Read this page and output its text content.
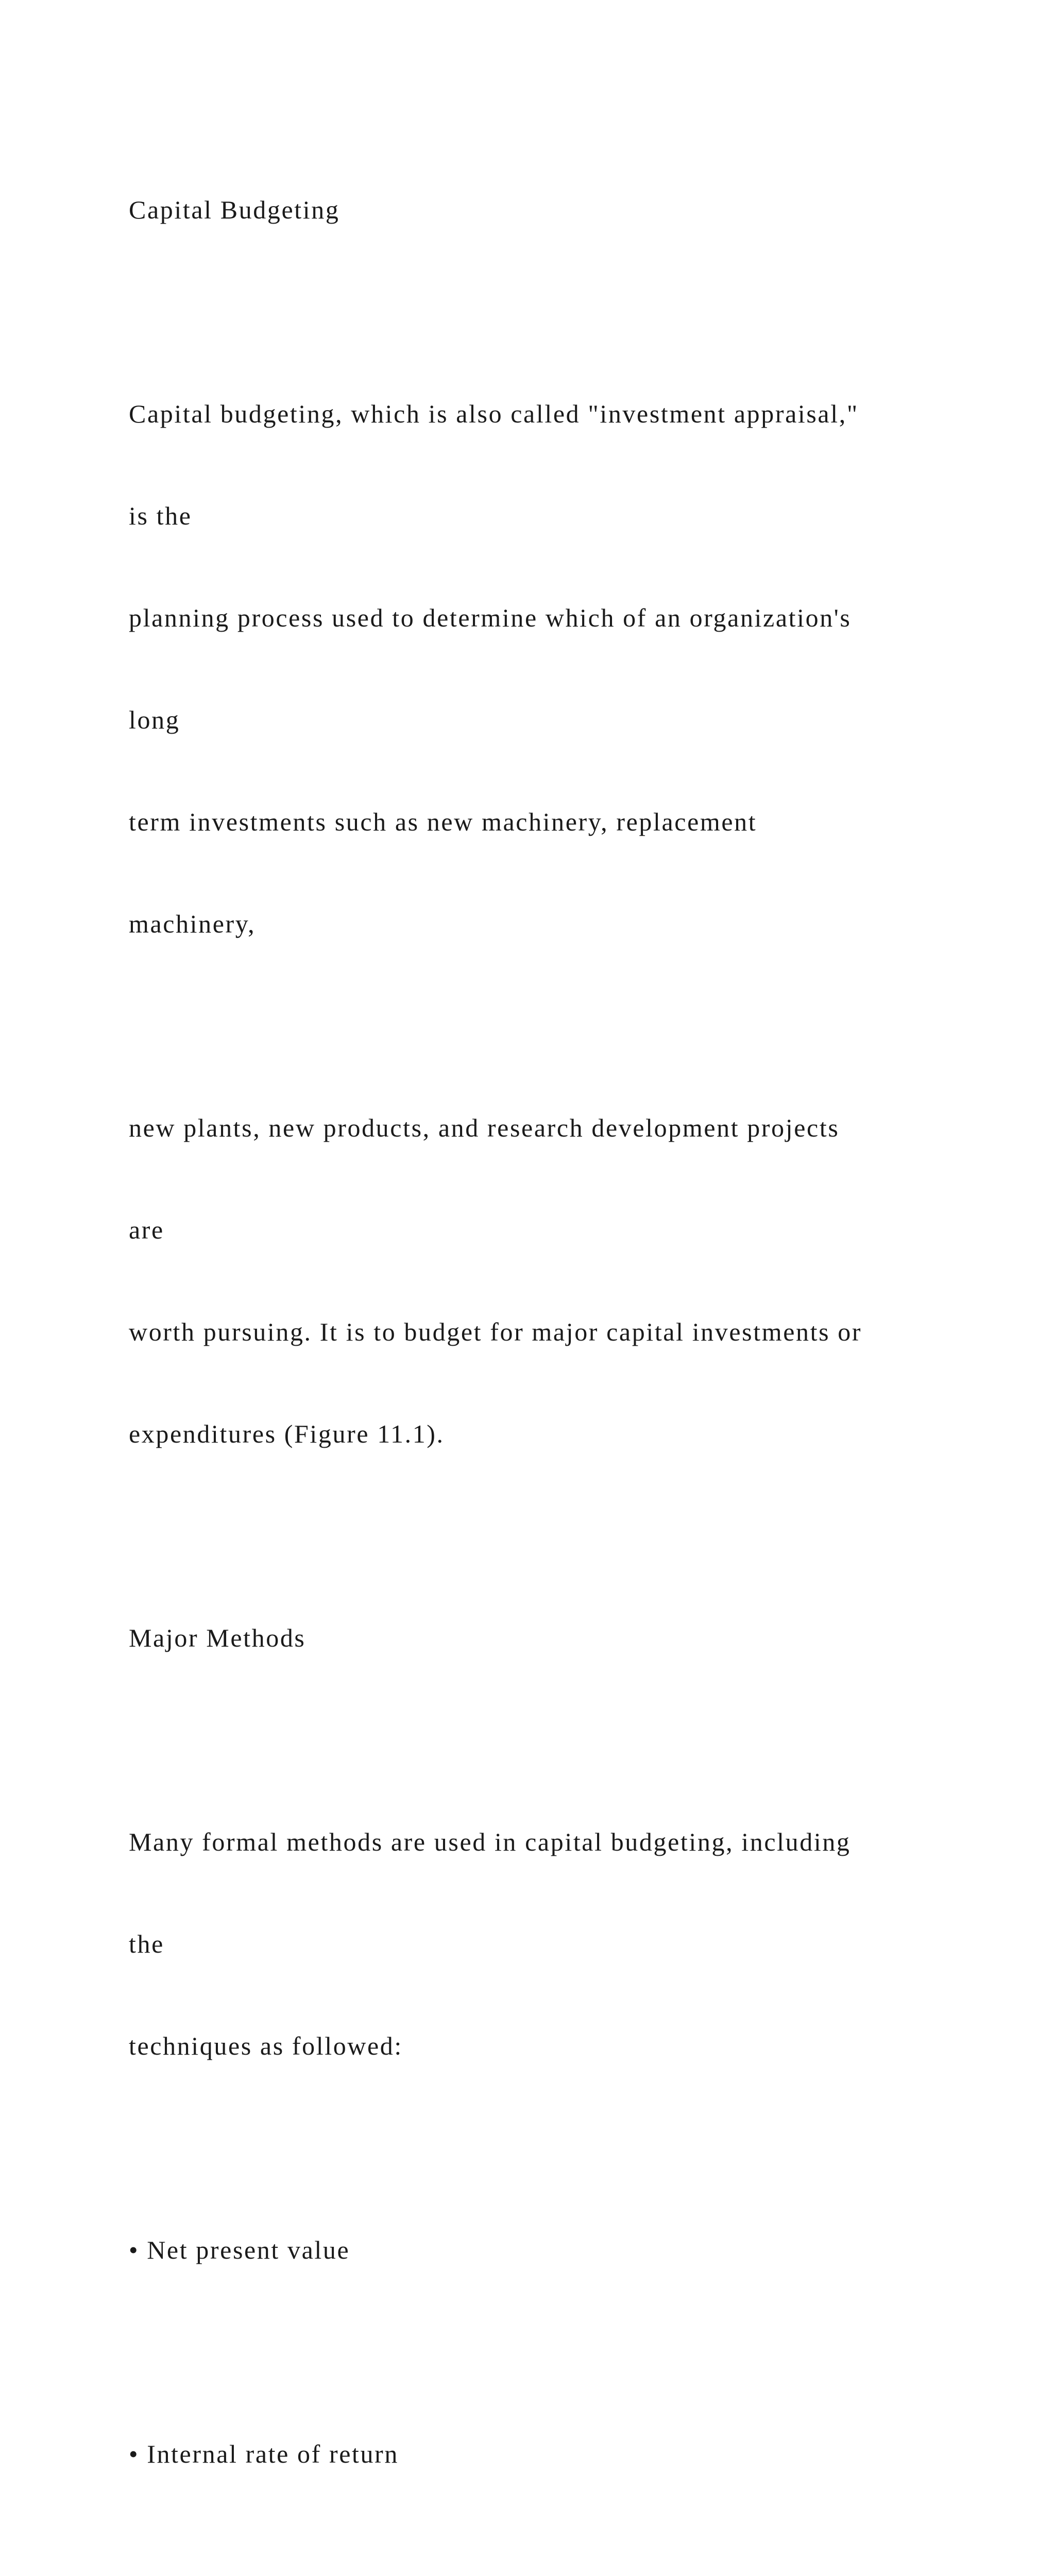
Capital Budgeting

Capital budgeting, which is also called "investment appraisal,"

is the

planning process used to determine which of an organization's

long

term investments such as new machinery, replacement

machinery,

new plants, new products, and research development projects

are

worth pursuing. It is to budget for major capital investments or

expenditures (Figure 11.1).

Major Methods

Many formal methods are used in capital budgeting, including

the

techniques as followed:

• Net present value

• Internal rate of return
